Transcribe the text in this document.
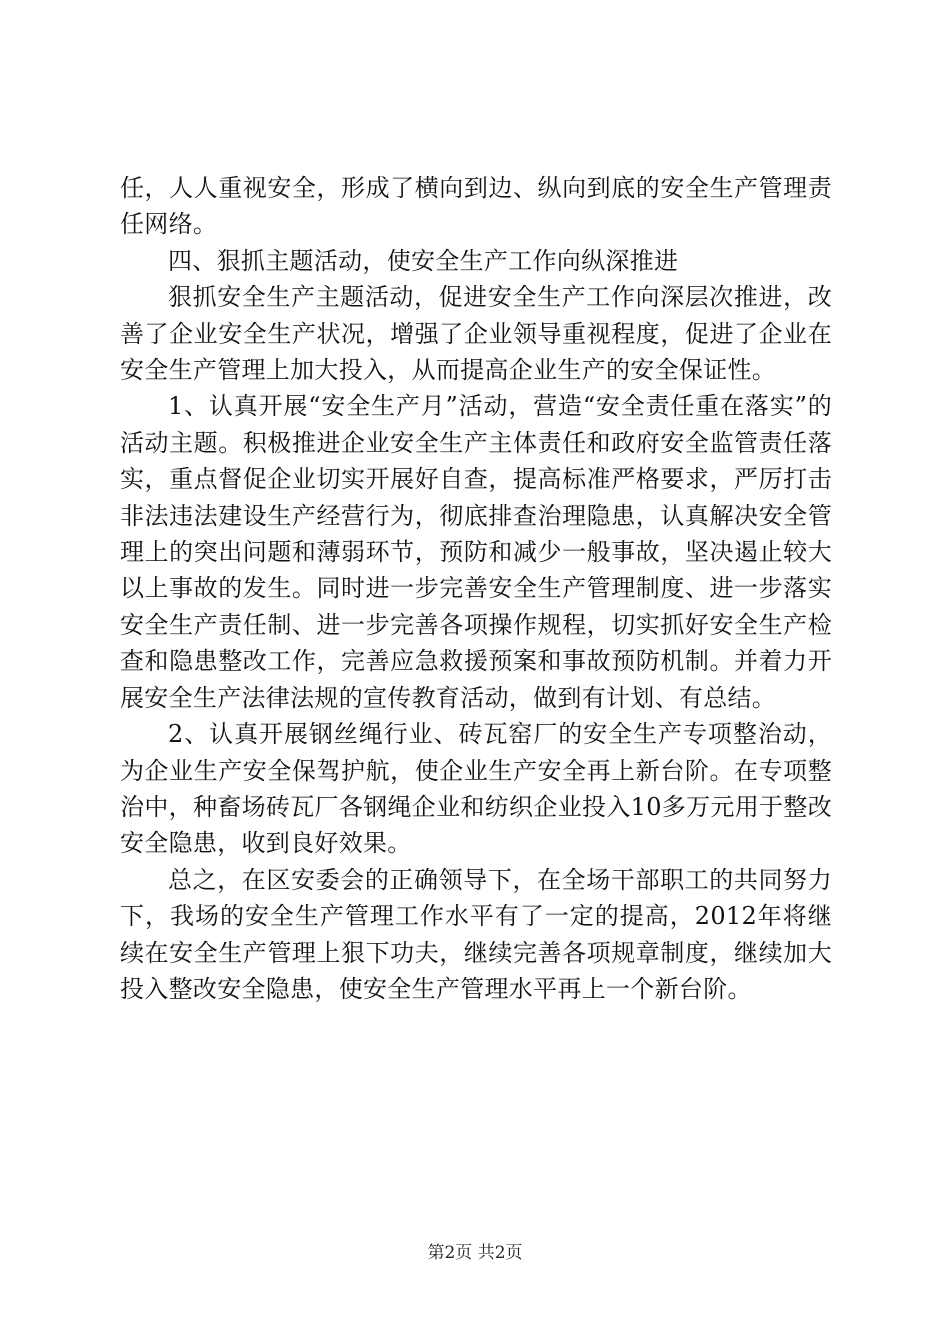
任，人人重视安全，形成了横向到边、纵向到底的安全生产管理责任网络。

四、狠抓主题活动，使安全生产工作向纵深推进

狠抓安全生产主题活动，促进安全生产工作向深层次推进，改善了企业安全生产状况，增强了企业领导重视程度，促进了企业在安全生产管理上加大投入，从而提高企业生产的安全保证性。

1、认真开展“安全生产月”活动，营造“安全责任重在落实”的活动主题。积极推进企业安全生产主体责任和政府安全监管责任落实，重点督促企业切实开展好自查，提高标准严格要求，严厉打击非法违法建设生产经营行为，彻底排查治理隐患，认真解决安全管理上的突出问题和薄弱环节，预防和减少一般事故，坚决遏止较大以上事故的发生。同时进一步完善安全生产管理制度、进一步落实安全生产责任制、进一步完善各项操作规程，切实抓好安全生产检查和隐患整改工作，完善应急救援预案和事故预防机制。并着力开展安全生产法律法规的宣传教育活动，做到有计划、有总结。

2、认真开展钢丝绳行业、砖瓦窑厂的安全生产专项整治动，为企业生产安全保驾护航，使企业生产安全再上新台阶。在专项整治中，种畜场砖瓦厂各钢绳企业和纺织企业投入10多万元用于整改安全隐患，收到良好效果。

总之，在区安委会的正确领导下，在全场干部职工的共同努力下，我场的安全生产管理工作水平有了一定的提高，2012年将继续在安全生产管理上狠下功夫，继续完善各项规章制度，继续加大投入整改安全隐患，使安全生产管理水平再上一个新台阶。

第2页 共2页
